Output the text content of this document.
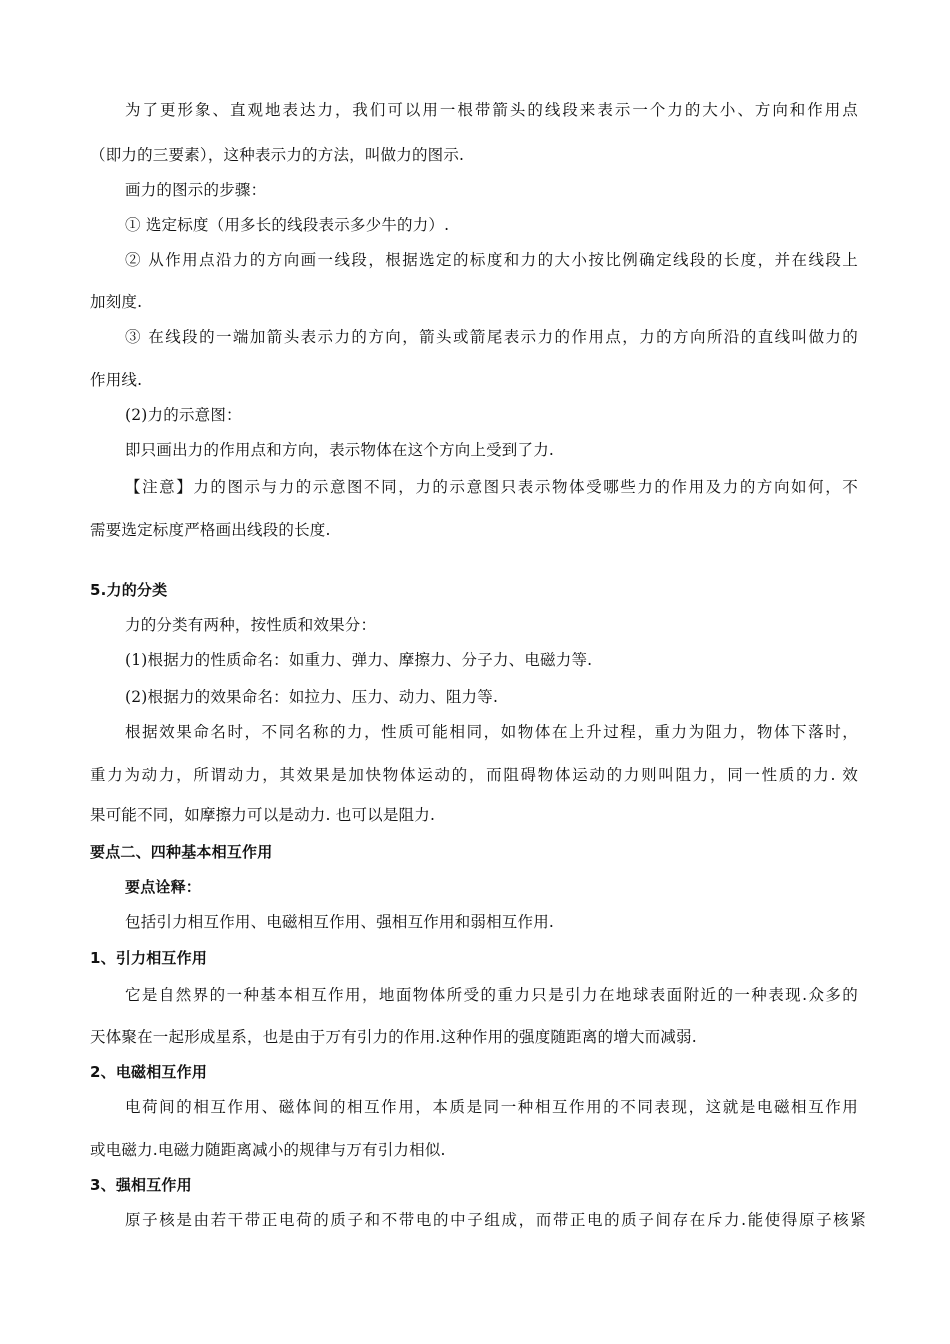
为了更形象、直观地表达力，我们可以用一根带箭头的线段来表示一个力的大小、方向和作用点
（即力的三要素），这种表示力的方法，叫做力的图示.
画力的图示的步骤：
① 选定标度（用多长的线段表示多少牛的力）.
② 从作用点沿力的方向画一线段，根据选定的标度和力的大小按比例确定线段的长度，并在线段上
加刻度.
③ 在线段的一端加箭头表示力的方向，箭头或箭尾表示力的作用点，力的方向所沿的直线叫做力的
作用线.
(2)力的示意图：
即只画出力的作用点和方向，表示物体在这个方向上受到了力.
【注意】力的图示与力的示意图不同，力的示意图只表示物体受哪些力的作用及力的方向如何，不
需要选定标度严格画出线段的长度.
5.力的分类
力的分类有两种，按性质和效果分：
(1)根据力的性质命名：如重力、弹力、摩擦力、分子力、电磁力等.
(2)根据力的效果命名：如拉力、压力、动力、阻力等.
根据效果命名时，不同名称的力，性质可能相同，如物体在上升过程，重力为阻力，物体下落时，
重力为动力，所谓动力，其效果是加快物体运动的，而阻碍物体运动的力则叫阻力，同一性质的力. 效
果可能不同，如摩擦力可以是动力. 也可以是阻力.
要点二、四种基本相互作用
要点诠释：
包括引力相互作用、电磁相互作用、强相互作用和弱相互作用.
1、引力相互作用
它是自然界的一种基本相互作用，地面物体所受的重力只是引力在地球表面附近的一种表现.众多的
天体聚在一起形成星系，也是由于万有引力的作用.这种作用的强度随距离的增大而减弱.
2、电磁相互作用
电荷间的相互作用、磁体间的相互作用，本质是同一种相互作用的不同表现，这就是电磁相互作用
或电磁力.电磁力随距离减小的规律与万有引力相似.
3、强相互作用
原子核是由若干带正电荷的质子和不带电的中子组成，而带正电的质子间存在斥力.能使得原子核紧
